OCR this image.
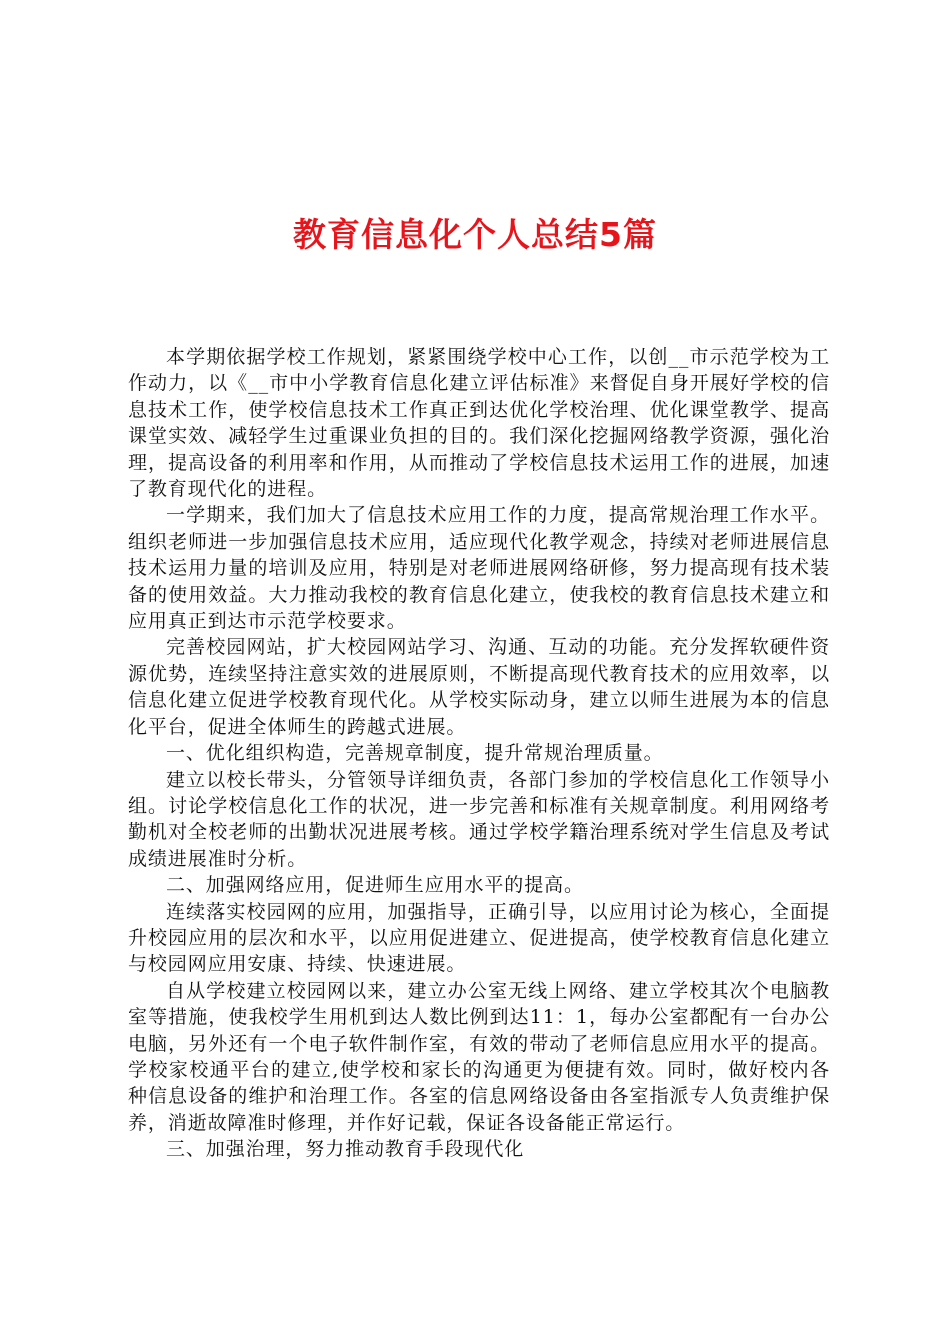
教育信息化个人总结5篇

本学期依据学校工作规划，紧紧围绕学校中心工作，以创__市示范学校为工作动力，以《__市中小学教育信息化建立评估标准》来督促自身开展好学校的信息技术工作，使学校信息技术工作真正到达优化学校治理、优化课堂教学、提高课堂实效、减轻学生过重课业负担的目的。我们深化挖掘网络教学资源，强化治理，提高设备的利用率和作用，从而推动了学校信息技术运用工作的进展，加速了教育现代化的进程。

一学期来，我们加大了信息技术应用工作的力度，提高常规治理工作水平。组织老师进一步加强信息技术应用，适应现代化教学观念，持续对老师进展信息技术运用力量的培训及应用，特别是对老师进展网络研修，努力提高现有技术装备的使用效益。大力推动我校的教育信息化建立，使我校的教育信息技术建立和应用真正到达市示范学校要求。

完善校园网站，扩大校园网站学习、沟通、互动的功能。充分发挥软硬件资源优势，连续坚持注意实效的进展原则，不断提高现代教育技术的应用效率，以信息化建立促进学校教育现代化。从学校实际动身，建立以师生进展为本的信息化平台，促进全体师生的跨越式进展。

一、优化组织构造，完善规章制度，提升常规治理质量。

建立以校长带头，分管领导详细负责，各部门参加的学校信息化工作领导小组。讨论学校信息化工作的状况，进一步完善和标准有关规章制度。利用网络考勤机对全校老师的出勤状况进展考核。通过学校学籍治理系统对学生信息及考试成绩进展准时分析。

二、加强网络应用，促进师生应用水平的提高。

连续落实校园网的应用，加强指导，正确引导，以应用讨论为核心，全面提升校园应用的层次和水平，以应用促进建立、促进提高，使学校教育信息化建立与校园网应用安康、持续、快速进展。

自从学校建立校园网以来，建立办公室无线上网络、建立学校其次个电脑教室等措施，使我校学生用机到达人数比例到达11：1，每办公室都配有一台办公电脑，另外还有一个电子软件制作室，有效的带动了老师信息应用水平的提高。学校家校通平台的建立,使学校和家长的沟通更为便捷有效。同时，做好校内各种信息设备的维护和治理工作。各室的信息网络设备由各室指派专人负责维护保养，消逝故障准时修理，并作好记载，保证各设备能正常运行。

三、加强治理，努力推动教育手段现代化
